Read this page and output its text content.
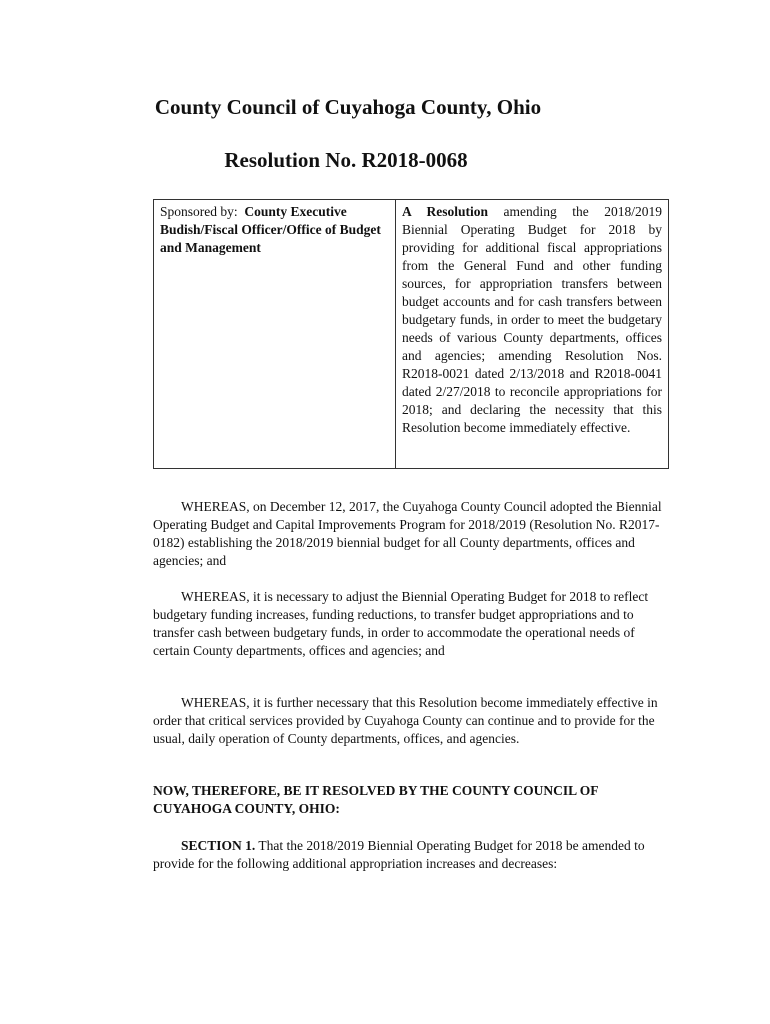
County Council of Cuyahoga County, Ohio
Resolution No. R2018-0068
Sponsored by: County Executive Budish/Fiscal Officer/Office of Budget and Management
A Resolution amending the 2018/2019 Biennial Operating Budget for 2018 by providing for additional fiscal appropriations from the General Fund and other funding sources, for appropriation transfers between budget accounts and for cash transfers between budgetary funds, in order to meet the budgetary needs of various County departments, offices and agencies; amending Resolution Nos. R2018-0021 dated 2/13/2018 and R2018-0041 dated 2/27/2018 to reconcile appropriations for 2018; and declaring the necessity that this Resolution become immediately effective.
WHEREAS, on December 12, 2017, the Cuyahoga County Council adopted the Biennial Operating Budget and Capital Improvements Program for 2018/2019 (Resolution No. R2017-0182) establishing the 2018/2019 biennial budget for all County departments, offices and agencies; and
WHEREAS, it is necessary to adjust the Biennial Operating Budget for 2018 to reflect budgetary funding increases, funding reductions, to transfer budget appropriations and to transfer cash between budgetary funds, in order to accommodate the operational needs of certain County departments, offices and agencies; and
WHEREAS, it is further necessary that this Resolution become immediately effective in order that critical services provided by Cuyahoga County can continue and to provide for the usual, daily operation of County departments, offices, and agencies.
NOW, THEREFORE, BE IT RESOLVED BY THE COUNTY COUNCIL OF CUYAHOGA COUNTY, OHIO:
SECTION 1. That the 2018/2019 Biennial Operating Budget for 2018 be amended to provide for the following additional appropriation increases and decreases:
